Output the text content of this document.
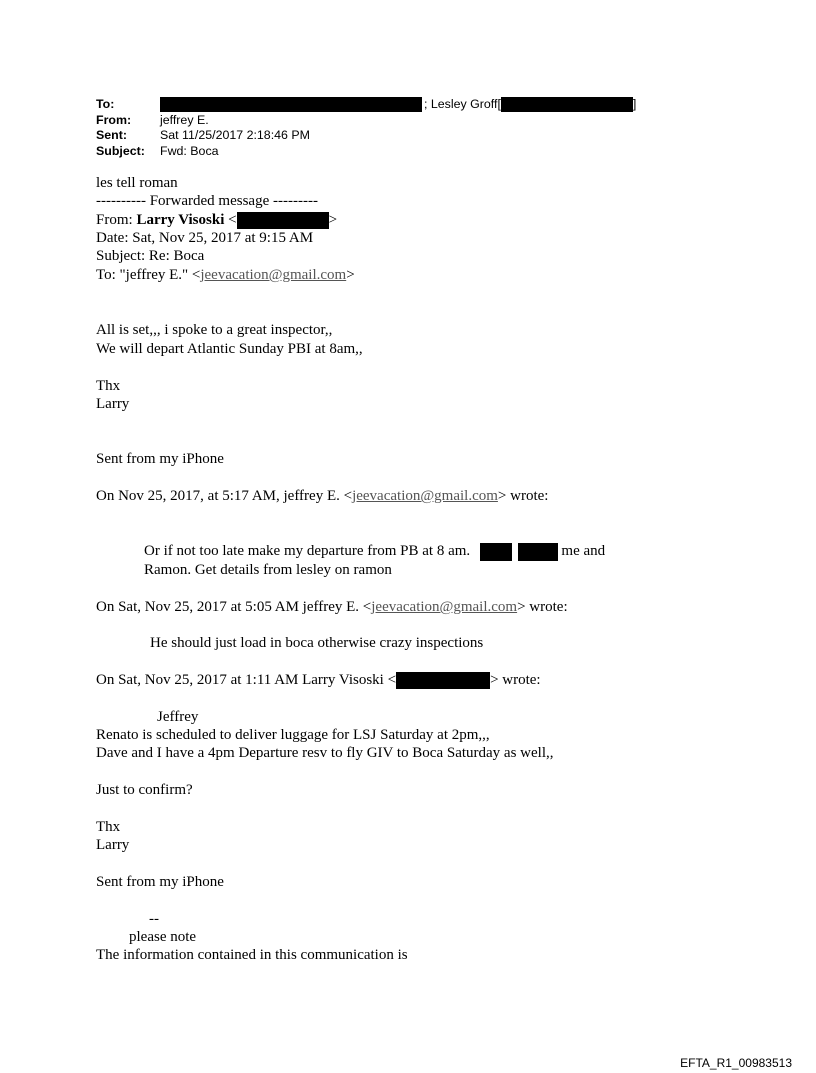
To:	; Lesley Groff[	]
From:	jeffrey E.
Sent:	Sat 11/25/2017 2:18:46 PM
Subject:	Fwd: Boca
les tell roman
---------- Forwarded message ---------
From: Larry Visoski <	>
Date: Sat, Nov 25, 2017 at 9:15 AM
Subject: Re: Boca
To: "jeffrey E." <jeevacation@gmail.com>
All is set,,, i spoke to a great inspector,,
We will depart Atlantic Sunday PBI at 8am,,
Thx
Larry
Sent from my iPhone
On Nov 25, 2017, at 5:17 AM, jeffrey E. <jeevacation@gmail.com> wrote:
Or if not too late make my departure from PB at 8 am.	me and
Ramon. Get details from lesley on ramon
On Sat, Nov 25, 2017 at 5:05 AM jeffrey E. <jeevacation@gmail.com> wrote:
He should just load in boca otherwise crazy inspections
On Sat, Nov 25, 2017 at 1:11 AM Larry Visoski <	> wrote:
Jeffrey
Renato is scheduled to deliver luggage for LSJ Saturday at 2pm,,,
Dave and I have a 4pm Departure resv to fly GIV to Boca Saturday as well,,
Just to confirm?
Thx
Larry
Sent from my iPhone
--
please note
The information contained in this communication is
EFTA_R1_00983513
